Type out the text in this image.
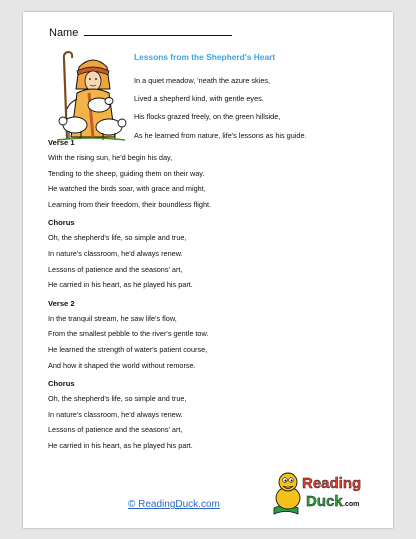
Name
Lessons from the Shepherd's Heart
In a quiet meadow, 'neath the azure skies,
Lived a shepherd kind, with gentle eyes.
His flocks grazed freely, on the green hillside,
As he learned from nature, life's lessons as his guide.
Verse 1
With the rising sun, he'd begin his day,
Tending to the sheep, guiding them on their way.
He watched the birds soar, with grace and might,
Learning from their freedom, their boundless flight.
Chorus
Oh, the shepherd's life, so simple and true,
In nature's classroom, he'd always renew.
Lessons of patience and the seasons' art,
He carried in his heart, as he played his part.
Verse 2
In the tranquil stream, he saw life's flow,
From the smallest pebble to the river's gentle tow.
He learned the strength of water's patient course,
And how it shaped the world without remorse.
Chorus
Oh, the shepherd's life, so simple and true,
In nature's classroom, he'd always renew.
Lessons of patience and the seasons' art,
He carried in his heart, as he played his part.
© ReadingDuck.com
Reading
Duck .com
